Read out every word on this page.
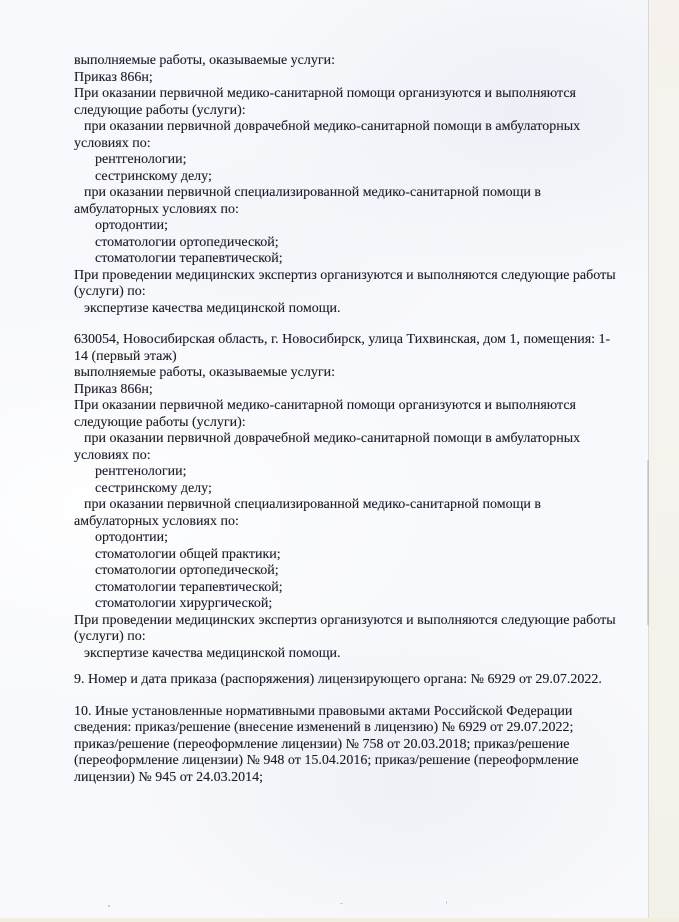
выполняемые работы, оказываемые услуги:
Приказ 866н;
При оказании первичной медико-санитарной помощи организуются и выполняются следующие работы (услуги):
при оказании первичной доврачебной медико-санитарной помощи в амбулаторных условиях по:
рентгенологии;
сестринскому делу;
при оказании первичной специализированной медико-санитарной помощи в амбулаторных условиях по:
ортодонтии;
стоматологии ортопедической;
стоматологии терапевтической;
При проведении медицинских экспертиз организуются и выполняются следующие работы (услуги) по:
экспертизе качества медицинской помощи.
630054, Новосибирская область, г. Новосибирск, улица Тихвинская, дом 1, помещения: 1-14 (первый этаж)
выполняемые работы, оказываемые услуги:
Приказ 866н;
При оказании первичной медико-санитарной помощи организуются и выполняются следующие работы (услуги):
при оказании первичной доврачебной медико-санитарной помощи в амбулаторных условиях по:
рентгенологии;
сестринскому делу;
при оказании первичной специализированной медико-санитарной помощи в амбулаторных условиях по:
ортодонтии;
стоматологии общей практики;
стоматологии ортопедической;
стоматологии терапевтической;
стоматологии хирургической;
При проведении медицинских экспертиз организуются и выполняются следующие работы (услуги) по:
экспертизе качества медицинской помощи.
9. Номер и дата приказа (распоряжения) лицензирующего органа: № 6929 от 29.07.2022.
10. Иные установленные нормативными правовыми актами Российской Федерации сведения: приказ/решение (внесение изменений в лицензию) № 6929 от 29.07.2022; приказ/решение (переоформление лицензии) № 758 от 20.03.2018; приказ/решение (переоформление лицензии) № 948 от 15.04.2016; приказ/решение (переоформление лицензии) № 945 от 24.03.2014;
